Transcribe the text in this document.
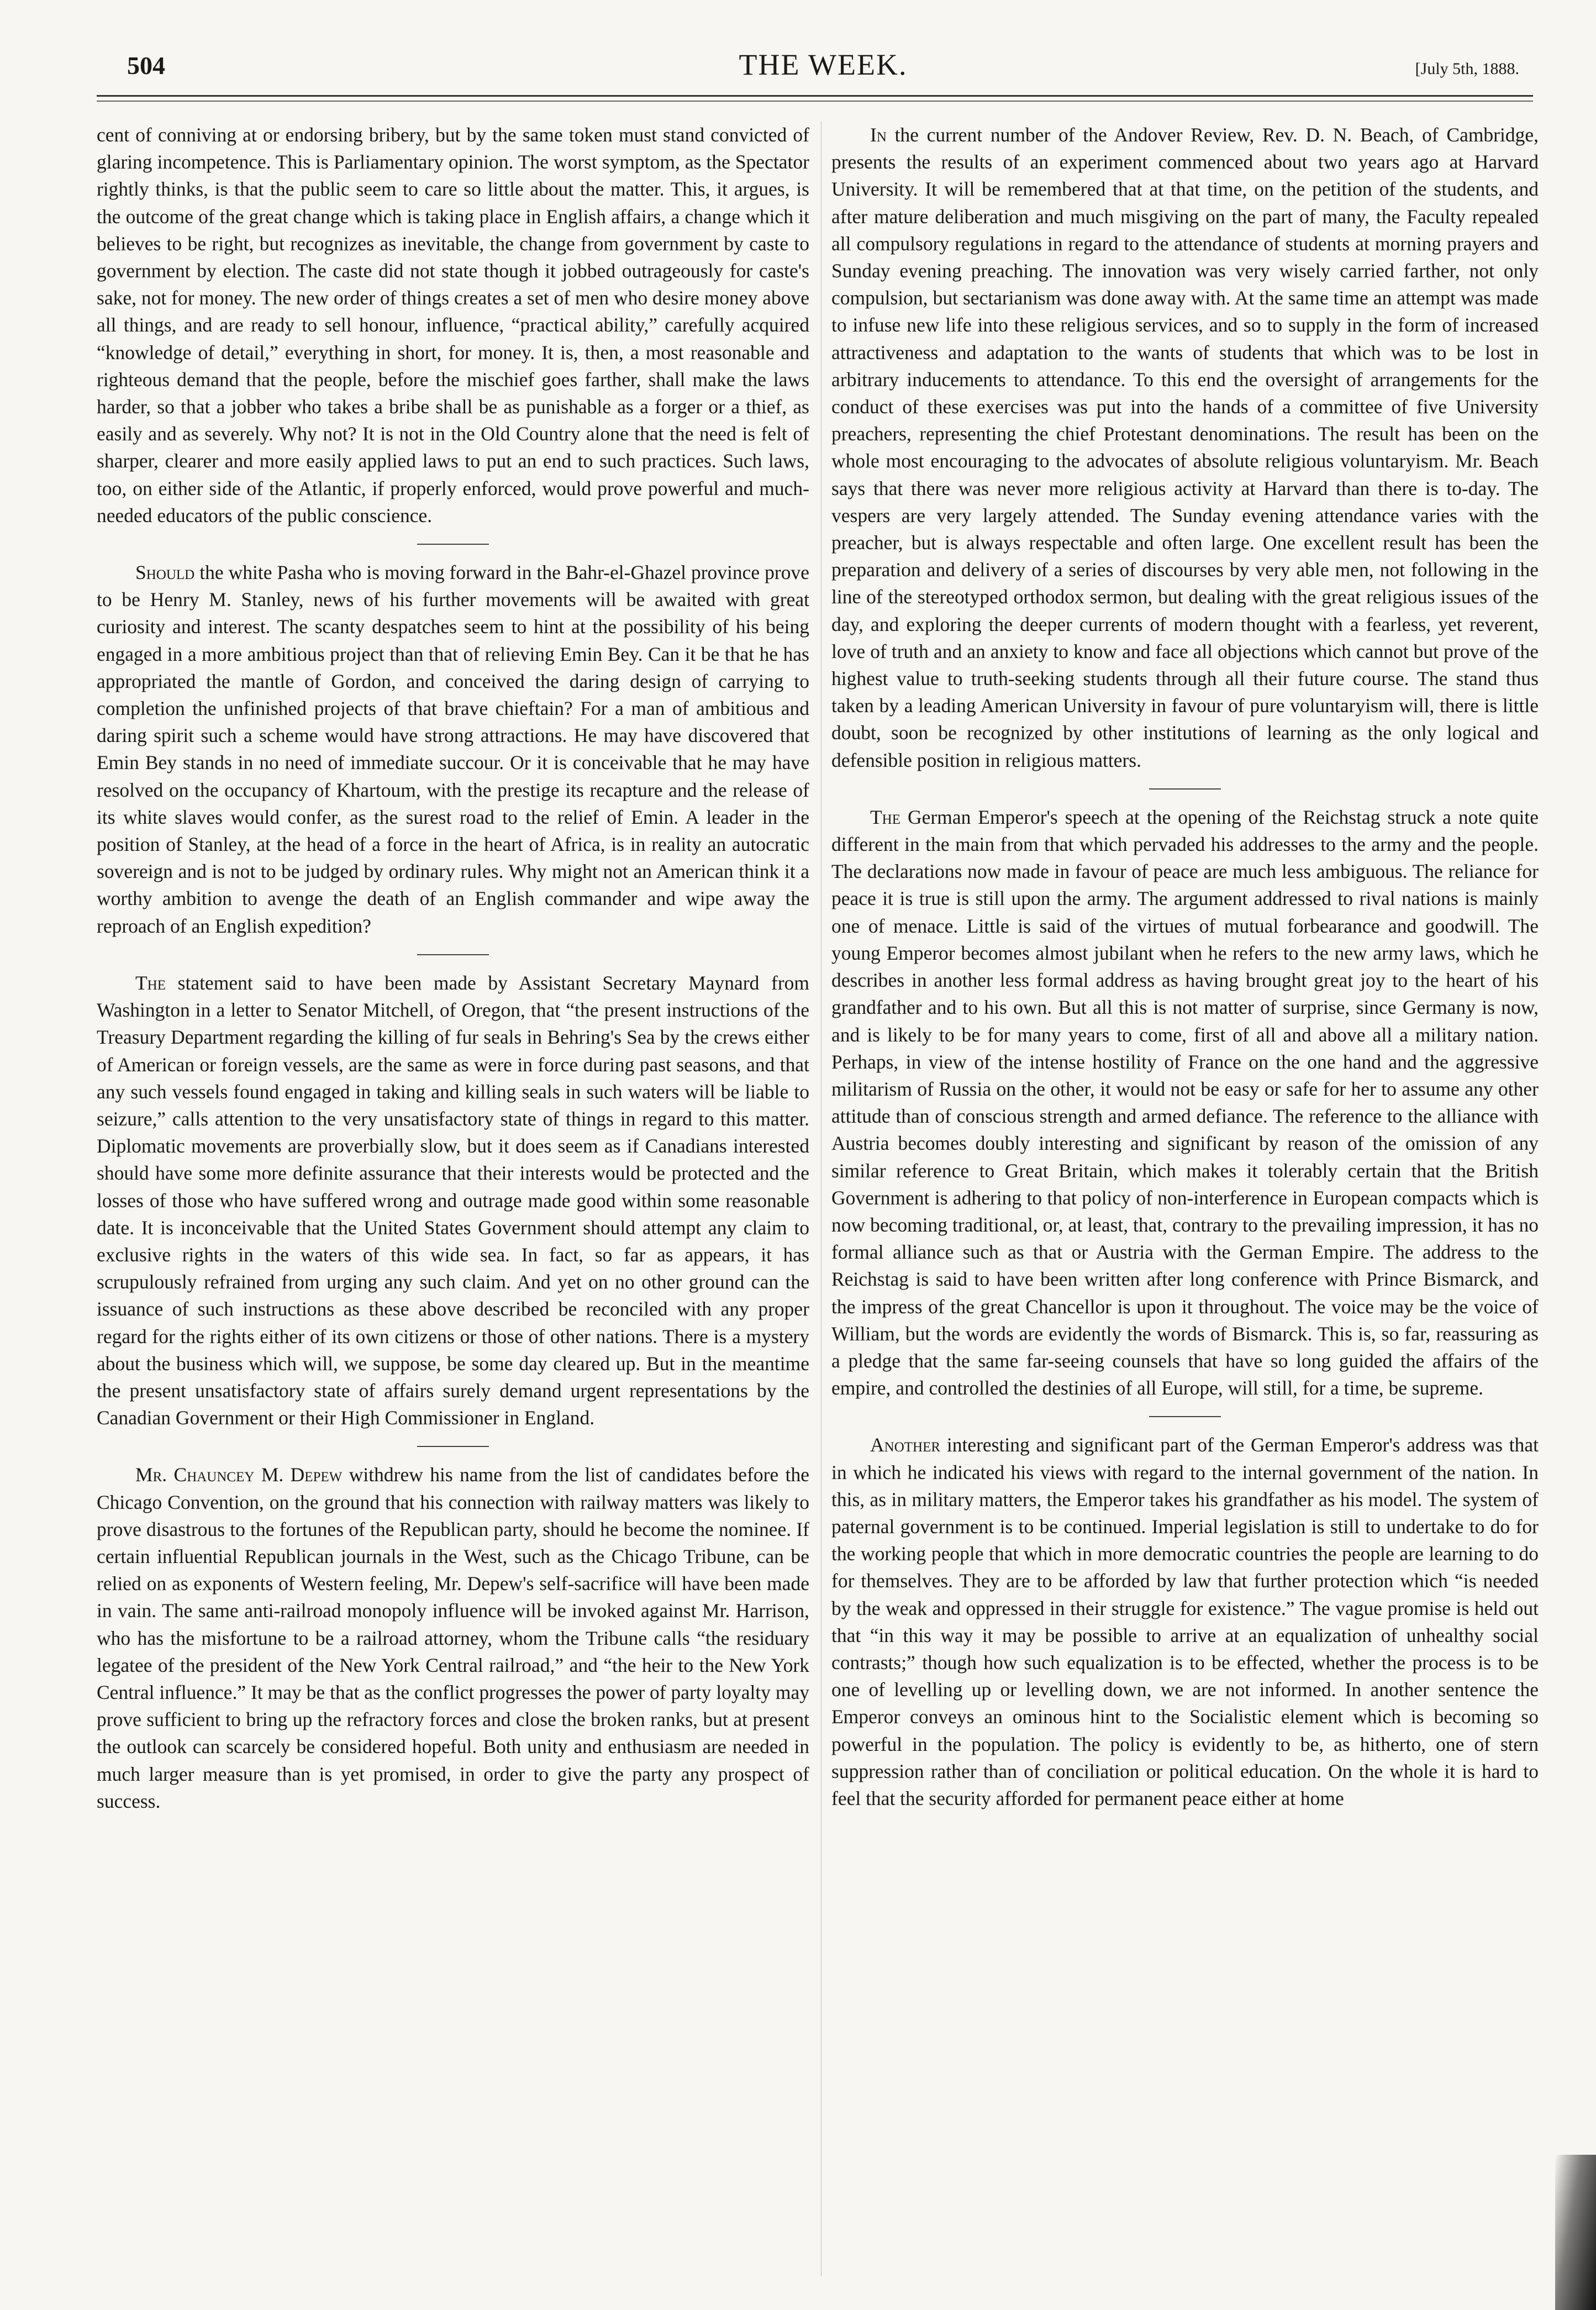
504	THE WEEK.	[July 5th, 1888.

cent of conniving at or endorsing bribery, but by the same token must stand convicted of glaring incompetence. This is Parliamentary opinion. The worst symptom, as the Spectator rightly thinks, is that the public seem to care so little about the matter. This, it argues, is the outcome of the great change which is taking place in English affairs, a change which it believes to be right, but recognizes as inevitable, the change from government by caste to government by election. The caste did not state though it jobbed outrageously for caste's sake, not for money. The new order of things creates a set of men who desire money above all things, and are ready to sell honour, influence, “practical ability,” carefully acquired “knowledge of detail,” everything in short, for money. It is, then, a most reasonable and righteous demand that the people, before the mischief goes farther, shall make the laws harder, so that a jobber who takes a bribe shall be as punishable as a forger or a thief, as easily and as severely. Why not? It is not in the Old Country alone that the need is felt of sharper, clearer and more easily applied laws to put an end to such practices. Such laws, too, on either side of the Atlantic, if properly enforced, would prove powerful and much-needed educators of the public conscience.

Should the white Pasha who is moving forward in the Bahr-el-Ghazel province prove to be Henry M. Stanley, news of his further movements will be awaited with great curiosity and interest. The scanty despatches seem to hint at the possibility of his being engaged in a more ambitious project than that of relieving Emin Bey. Can it be that he has appropriated the mantle of Gordon, and conceived the daring design of carrying to completion the unfinished projects of that brave chieftain? For a man of ambitious and daring spirit such a scheme would have strong attractions. He may have discovered that Emin Bey stands in no need of immediate succour. Or it is conceivable that he may have resolved on the occupancy of Khartoum, with the prestige its recapture and the release of its white slaves would confer, as the surest road to the relief of Emin. A leader in the position of Stanley, at the head of a force in the heart of Africa, is in reality an autocratic sovereign and is not to be judged by ordinary rules. Why might not an American think it a worthy ambition to avenge the death of an English commander and wipe away the reproach of an English expedition?

The statement said to have been made by Assistant Secretary Maynard from Washington in a letter to Senator Mitchell, of Oregon, that “the present instructions of the Treasury Department regarding the killing of fur seals in Behring's Sea by the crews either of American or foreign vessels, are the same as were in force during past seasons, and that any such vessels found engaged in taking and killing seals in such waters will be liable to seizure,” calls attention to the very unsatisfactory state of things in regard to this matter. Diplomatic movements are proverbially slow, but it does seem as if Canadians interested should have some more definite assurance that their interests would be protected and the losses of those who have suffered wrong and outrage made good within some reasonable date. It is inconceivable that the United States Government should attempt any claim to exclusive rights in the waters of this wide sea. In fact, so far as appears, it has scrupulously refrained from urging any such claim. And yet on no other ground can the issuance of such instructions as these above described be reconciled with any proper regard for the rights either of its own citizens or those of other nations. There is a mystery about the business which will, we suppose, be some day cleared up. But in the meantime the present unsatisfactory state of affairs surely demand urgent representations by the Canadian Government or their High Commissioner in England.

Mr. Chauncey M. Depew withdrew his name from the list of candidates before the Chicago Convention, on the ground that his connection with railway matters was likely to prove disastrous to the fortunes of the Republican party, should he become the nominee. If certain influential Republican journals in the West, such as the Chicago Tribune, can be relied on as exponents of Western feeling, Mr. Depew's self-sacrifice will have been made in vain. The same anti-railroad monopoly influence will be invoked against Mr. Harrison, who has the misfortune to be a railroad attorney, whom the Tribune calls “the residuary legatee of the president of the New York Central railroad,” and “the heir to the New York Central influence.” It may be that as the conflict progresses the power of party loyalty may prove sufficient to bring up the refractory forces and close the broken ranks, but at present the outlook can scarcely be considered hopeful. Both unity and enthusiasm are needed in much larger measure than is yet promised, in order to give the party any prospect of success.

In the current number of the Andover Review, Rev. D. N. Beach, of Cambridge, presents the results of an experiment commenced about two years ago at Harvard University. It will be remembered that at that time, on the petition of the students, and after mature deliberation and much misgiving on the part of many, the Faculty repealed all compulsory regulations in regard to the attendance of students at morning prayers and Sunday evening preaching. The innovation was very wisely carried farther, not only compulsion, but sectarianism was done away with. At the same time an attempt was made to infuse new life into these religious services, and so to supply in the form of increased attractiveness and adaptation to the wants of students that which was to be lost in arbitrary inducements to attendance. To this end the oversight of arrangements for the conduct of these exercises was put into the hands of a committee of five University preachers, representing the chief Protestant denominations. The result has been on the whole most encouraging to the advocates of absolute religious voluntaryism. Mr. Beach says that there was never more religious activity at Harvard than there is to-day. The vespers are very largely attended. The Sunday evening attendance varies with the preacher, but is always respectable and often large. One excellent result has been the preparation and delivery of a series of discourses by very able men, not following in the line of the stereotyped orthodox sermon, but dealing with the great religious issues of the day, and exploring the deeper currents of modern thought with a fearless, yet reverent, love of truth and an anxiety to know and face all objections which cannot but prove of the highest value to truth-seeking students through all their future course. The stand thus taken by a leading American University in favour of pure voluntaryism will, there is little doubt, soon be recognized by other institutions of learning as the only logical and defensible position in religious matters.

The German Emperor's speech at the opening of the Reichstag struck a note quite different in the main from that which pervaded his addresses to the army and the people. The declarations now made in favour of peace are much less ambiguous. The reliance for peace it is true is still upon the army. The argument addressed to rival nations is mainly one of menace. Little is said of the virtues of mutual forbearance and goodwill. The young Emperor becomes almost jubilant when he refers to the new army laws, which he describes in another less formal address as having brought great joy to the heart of his grandfather and to his own. But all this is not matter of surprise, since Germany is now, and is likely to be for many years to come, first of all and above all a military nation. Perhaps, in view of the intense hostility of France on the one hand and the aggressive militarism of Russia on the other, it would not be easy or safe for her to assume any other attitude than of conscious strength and armed defiance. The reference to the alliance with Austria becomes doubly interesting and significant by reason of the omission of any similar reference to Great Britain, which makes it tolerably certain that the British Government is adhering to that policy of non-interference in European compacts which is now becoming traditional, or, at least, that, contrary to the prevailing impression, it has no formal alliance such as that or Austria with the German Empire. The address to the Reichstag is said to have been written after long conference with Prince Bismarck, and the impress of the great Chancellor is upon it throughout. The voice may be the voice of William, but the words are evidently the words of Bismarck. This is, so far, reassuring as a pledge that the same far-seeing counsels that have so long guided the affairs of the empire, and controlled the destinies of all Europe, will still, for a time, be supreme.

Another interesting and significant part of the German Emperor's address was that in which he indicated his views with regard to the internal government of the nation. In this, as in military matters, the Emperor takes his grandfather as his model. The system of paternal government is to be continued. Imperial legislation is still to undertake to do for the working people that which in more democratic countries the people are learning to do for themselves. They are to be afforded by law that further protection which “is needed by the weak and oppressed in their struggle for existence.” The vague promise is held out that “in this way it may be possible to arrive at an equalization of unhealthy social contrasts;” though how such equalization is to be effected, whether the process is to be one of levelling up or levelling down, we are not informed. In another sentence the Emperor conveys an ominous hint to the Socialistic element which is becoming so powerful in the population. The policy is evidently to be, as hitherto, one of stern suppression rather than of conciliation or political education. On the whole it is hard to feel that the security afforded for permanent peace either at home
